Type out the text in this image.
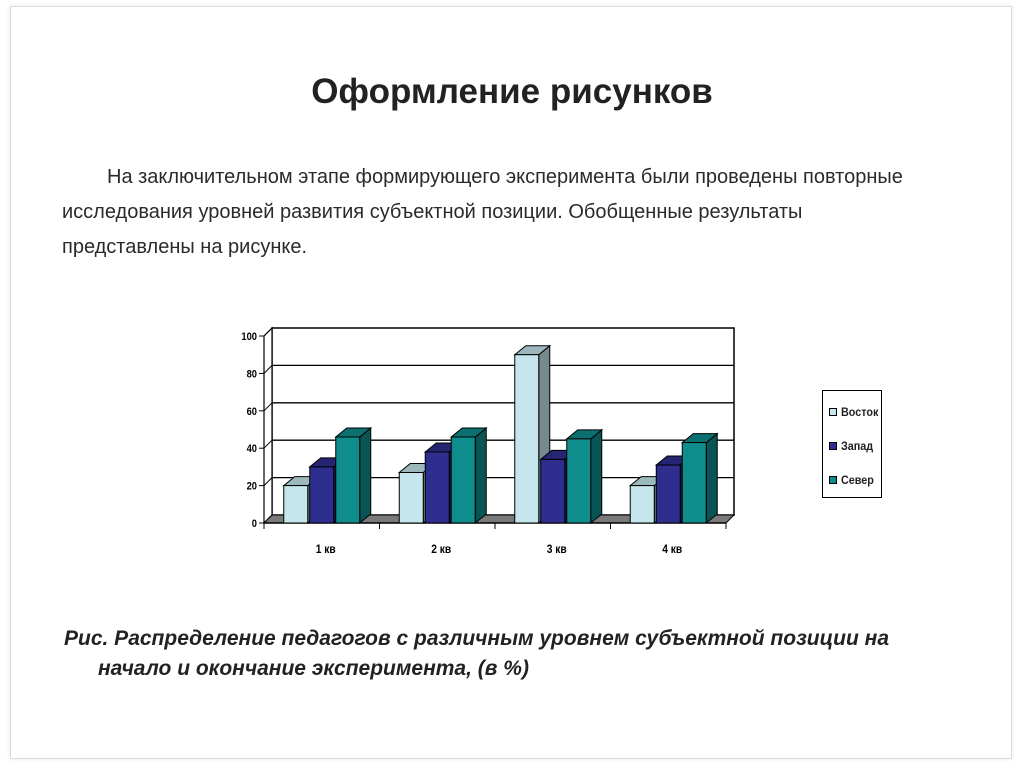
Оформление рисунков
На заключительном этапе формирующего эксперимента были проведены повторные исследования уровней развития субъектной позиции. Обобщенные результаты представлены на рисунке.
0
20
40
60
80
100
1 кв	2 кв	3 кв	4 кв
Восток
Запад
Север
Рис. Распределение педагогов с различным уровнем субъектной позиции на
начало и окончание эксперимента, (в %)
